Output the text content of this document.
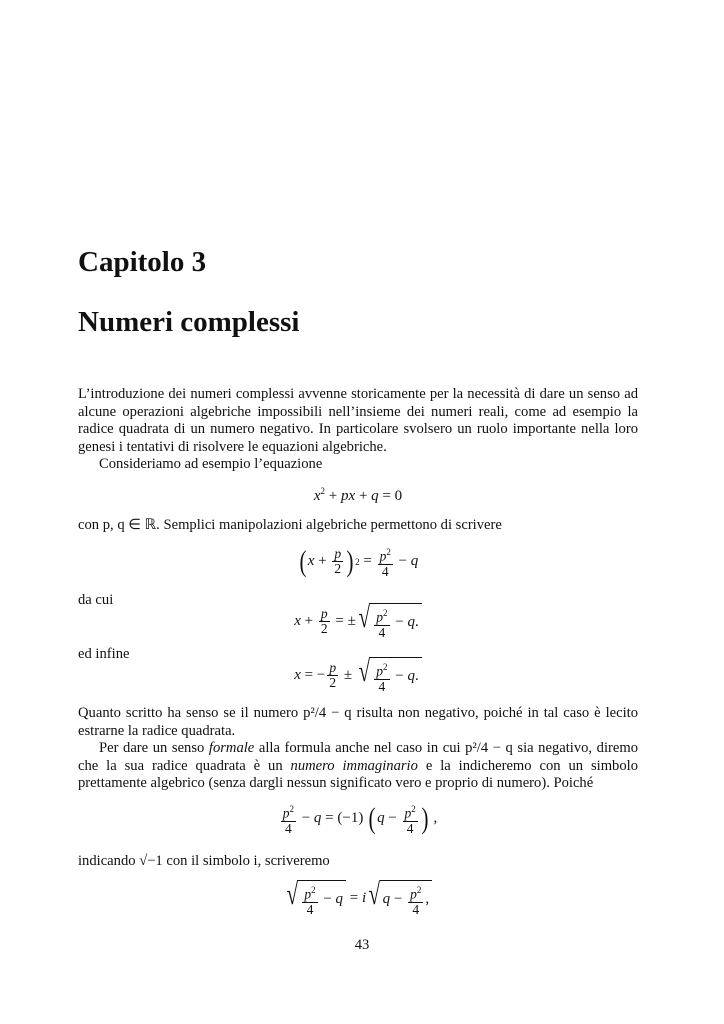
Capitolo 3
Numeri complessi

L’introduzione dei numeri complessi avvenne storicamente per la necessità di dare un senso ad alcune operazioni algebriche impossibili nell’insieme dei numeri reali, come ad esempio la radice quadrata di un numero negativo. In particolare svolsero un ruolo importante nella loro genesi i tentativi di risolvere le equazioni algebriche.

Consideriamo ad esempio l’equazione

$x^2$ + px + q = 0
con p, q ∈ ℝ. Semplici manipolazioni algebriche permettono di scrivere
( $x + \frac{p}{2}$ ) $2 = \frac{p^2}{4} - q$
da cui
$x + \frac{p}{2}$ = ± √ $\frac{p^2}{4} - q$ .
ed infine
x = − $\frac{p}{2}$ ± √ $\frac{p^2}{4} - q$ .

Quanto scritto ha senso se il numero p²/4 − q risulta non negativo, poiché in tal caso è lecito estrarne la radice quadrata.

Per dare un senso formale alla formula anche nel caso in cui p²/4 − q sia negativo, diremo che la sua radice quadrata è un numero immaginario e la indicheremo con un simbolo prettamente algebrico (senza dargli nessun significato vero e proprio di numero). Poiché

$\frac{p^2}{4} - q = (-1)$ ( $q - \frac{p^2}{4}$ ) ,
indicando √−1 con il simbolo i, scriveremo
√ $\frac{p^2}{4} - q = i$ √ $q - \frac{p^2}{4}$ ,
43
